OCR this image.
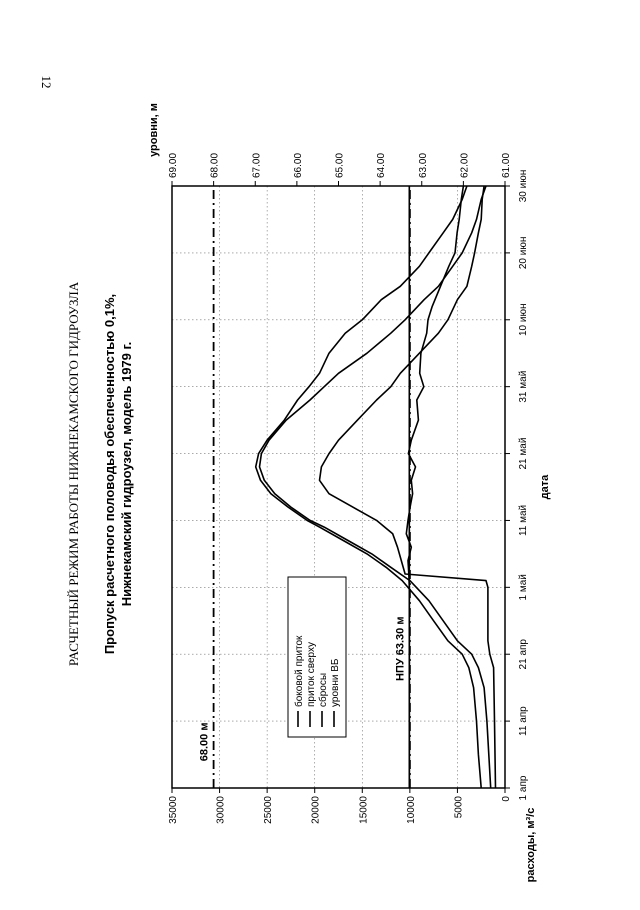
12
РАСЧЕТНЫЙ РЕЖИМ РАБОТЫ НИЖНЕКАМСКОГО ГИДРОУЗЛА Пропуск расчетного половодья обеспеченностью 0,1%, Нижнекамский гидроузел, модель 1979 г.
расходы, м³/с
дата
уровни, м
0
5000
10000
15000
20000
25000
30000
35000
1 апр
11 апр
21 апр
1 май
11 май
21 май
31 май
10 июн
20 июн
30 июн
61.00
62.00
63.00
64.00
65.00
66.00
67.00
68.00
69.00
68.00 м
НПУ 63.30 м
боковой приток приток сверху сбросы уровни ВБ
